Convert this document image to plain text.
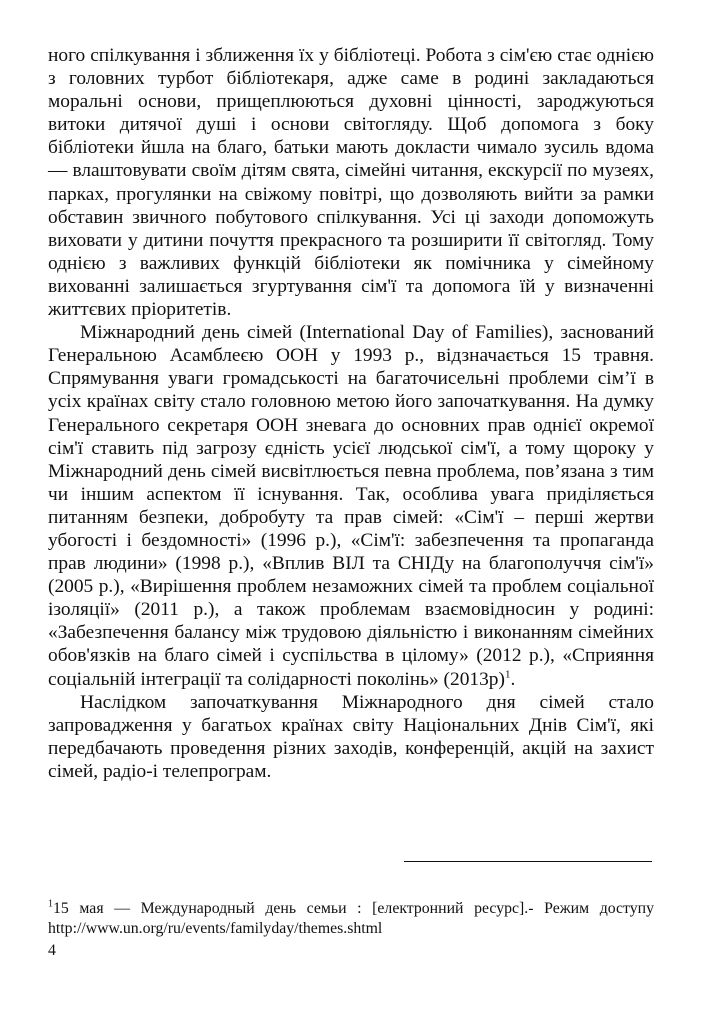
ного спілкування і зближення їх у бібліотеці. Робота з сім'єю стає однією з головних турбот бібліотекаря, адже саме в родині закладаються моральні основи, прищеплюються духовні цінності, зароджуються витоки дитячої душі і основи світогляду. Щоб допомога з боку бібліотеки йшла на благо, батьки мають докласти чимало зусиль вдома — влаштовувати своїм дітям свята, сімейні читання, екскурсії по музеях, парках, прогулянки на свіжому повітрі, що дозволяють вийти за рамки обставин звичного побутового спілкування. Усі ці заходи допоможуть виховати у дитини почуття прекрасного та розширити її світогляд. Тому однією з важливих функцій бібліотеки як помічника у сімейному вихованні залишається згуртування сім'ї та допомога їй у визначенні життєвих пріоритетів.

Міжнародний день сімей (International Day of Families), заснований Генеральною Асамблеєю ООН у 1993 р., відзначається 15 травня. Спрямування уваги громадськості на багаточисельні проблеми сім’ї в усіх країнах світу стало головною метою його започаткування. На думку Генерального секретаря ООН зневага до основних прав однієї окремої сім'ї ставить під загрозу єдність усієї людської сім'ї, а тому щороку у Міжнародний день сімей висвітлюється певна проблема, пов’язана з тим чи іншим аспектом її існування. Так, особлива увага приділяється питанням безпеки, добробуту та прав сімей: «Сім'ї – перші жертви убогості і бездомності» (1996 р.), «Сім'ї: забезпечення та пропаганда прав людини» (1998 р.), «Вплив ВІЛ та СНІДу на благополуччя сім'ї» (2005 р.), «Вирішення проблем незаможних сімей та проблем соціальної ізоляції» (2011 р.), а також проблемам взаємовідносин у родині: «Забезпечення балансу між трудовою діяльністю і виконанням сімейних обов'язків на благо сімей і суспільства в цілому» (2012 р.), «Сприяння соціальній інтеграції та солідарності поколінь» (2013р)$^1$.

Наслідком започаткування Міжнародного дня сімей стало запровадження у багатьох країнах світу Національних Днів Сім'ї, які передбачають проведення різних заходів, конференцій, акцій на захист сімей, радіо-і телепрограм.

$^1$15 мая — Международный день семьи : [електронний ресурс].- Режим доступу http://www.un.org/ru/events/familyday/themes.shtml
4
